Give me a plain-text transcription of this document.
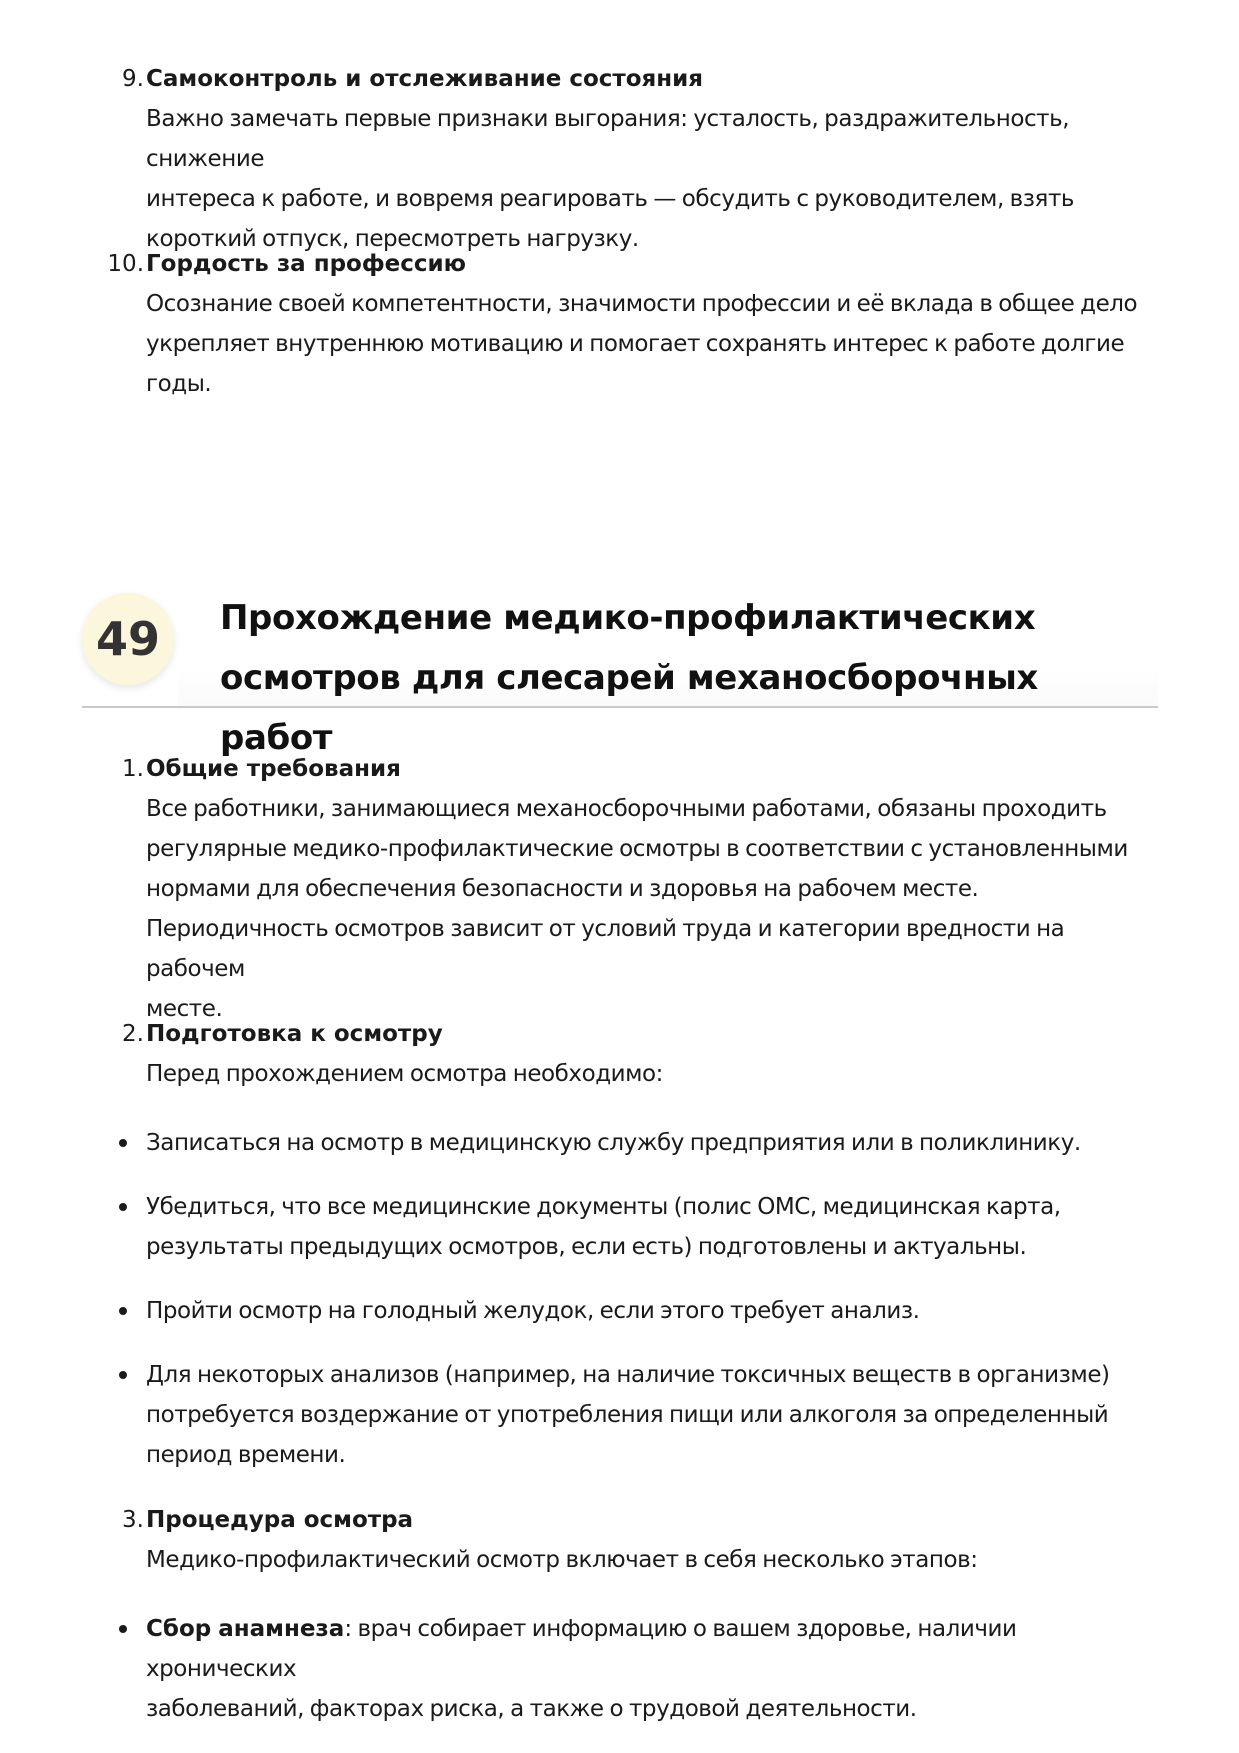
9. Самоконтроль и отслеживание состояния

Важно замечать первые признаки выгорания: усталость, раздражительность, снижение
интереса к работе, и вовремя реагировать — обсудить с руководителем, взять
короткий отпуск, пересмотреть нагрузку.

10. Гордость за профессию

Осознание своей компетентности, значимости профессии и её вклада в общее дело
укрепляет внутреннюю мотивацию и помогает сохранять интерес к работе долгие
годы.

49	Прохождение медико-профилактических
осмотров для слесарей механосборочных работ
1. Общие требования

Все работники, занимающиеся механосборочными работами, обязаны проходить
регулярные медико-профилактические осмотры в соответствии с установленными
нормами для обеспечения безопасности и здоровья на рабочем месте.
Периодичность осмотров зависит от условий труда и категории вредности на рабочем
месте.

2. Подготовка к осмотру

Перед прохождением осмотра необходимо:

Записаться на осмотр в медицинскую службу предприятия или в поликлинику.
Убедиться, что все медицинские документы (полис ОМС, медицинская карта,
результаты предыдущих осмотров, если есть) подготовлены и актуальны.
Пройти осмотр на голодный желудок, если этого требует анализ.
Для некоторых анализов (например, на наличие токсичных веществ в организме)
потребуется воздержание от употребления пищи или алкоголя за определенный
период времени.
3. Процедура осмотра

Медико-профилактический осмотр включает в себя несколько этапов:

Сбор анамнеза: врач собирает информацию о вашем здоровье, наличии хронических
заболеваний, факторах риска, а также о трудовой деятельности.
